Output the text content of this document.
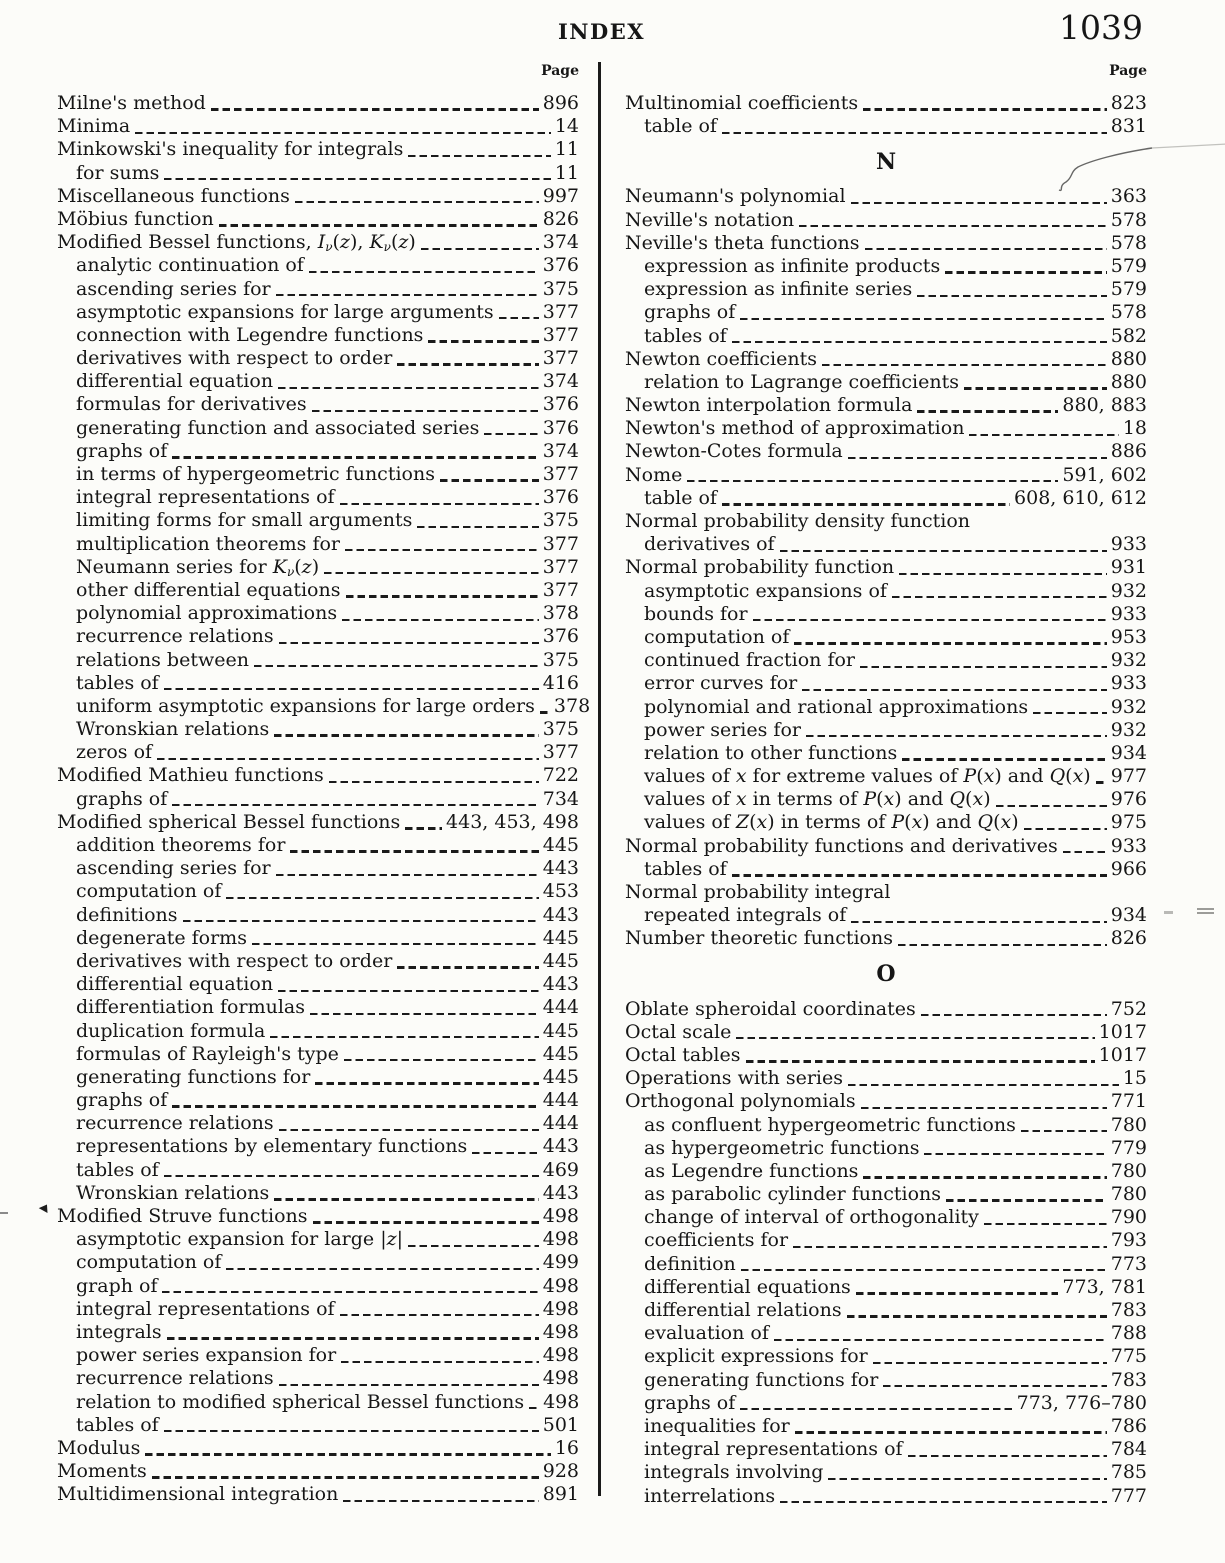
INDEX	1039
Page	Page
Milne's method	896
Minima	14
Minkowski's inequality for integrals	11
for sums	11
Miscellaneous functions	997
Möbius function	826
Modified Bessel functions, Iν(z), Kν(z)	374
analytic continuation of	376
ascending series for	375
asymptotic expansions for large arguments	377
connection with Legendre functions	377
derivatives with respect to order	377
differential equation	374
formulas for derivatives	376
generating function and associated series	376
graphs of	374
in terms of hypergeometric functions	377
integral representations of	376
limiting forms for small arguments	375
multiplication theorems for	377
Neumann series for Kν(z)	377
other differential equations	377
polynomial approximations	378
recurrence relations	376
relations between	375
tables of	416
uniform asymptotic expansions for large orders 378
Wronskian relations	375
zeros of	377
Modified Mathieu functions	722
graphs of	734
Modified spherical Bessel functions 443, 453, 498
addition theorems for	445
ascending series for	443
computation of	453
definitions	443
degenerate forms	445
derivatives with respect to order	445
differential equation	443
differentiation formulas	444
duplication formula	445
formulas of Rayleigh's type	445
generating functions for	445
graphs of	444
recurrence relations	444
representations by elementary functions	443
tables of	469
Wronskian relations	443
Modified Struve functions	498
asymptotic expansion for large |z|	498
computation of	499
graph of	498
integral representations of	498
integrals	498
power series expansion for	498
recurrence relations	498
relation to modified spherical Bessel functions 498
tables of	501
Modulus	16
Moments	928
Multidimensional integration	891
Multinomial coefficients	823
table of	831
N
Neumann's polynomial	363
Neville's notation	578
Neville's theta functions	578
expression as infinite products	579
expression as infinite series	579
graphs of	578
tables of	582
Newton coefficients	880
relation to Lagrange coefficients	880
Newton interpolation formula	880, 883
Newton's method of approximation	18
Newton-Cotes formula	886
Nome	591, 602
table of	608, 610, 612
Normal probability density function
derivatives of	933
Normal probability function	931
asymptotic expansions of	932
bounds for	933
computation of	953
continued fraction for	932
error curves for	933
polynomial and rational approximations	932
power series for	932
relation to other functions	934
values of x for extreme values of P(x) and Q(x) 977
values of x in terms of P(x) and Q(x)	976
values of Z(x) in terms of P(x) and Q(x)	975
Normal probability functions and derivatives	933
tables of	966
Normal probability integral
repeated integrals of	934
Number theoretic functions	826
O
Oblate spheroidal coordinates	752
Octal scale	1017
Octal tables	1017
Operations with series	15
Orthogonal polynomials	771
as confluent hypergeometric functions	780
as hypergeometric functions	779
as Legendre functions	780
as parabolic cylinder functions	780
change of interval of orthogonality	790
coefficients for	793
definition	773
differential equations	773, 781
differential relations	783
evaluation of	788
explicit expressions for	775
generating functions for	783
graphs of	773, 776–780
inequalities for	786
integral representations of	784
integrals involving	785
interrelations	777
